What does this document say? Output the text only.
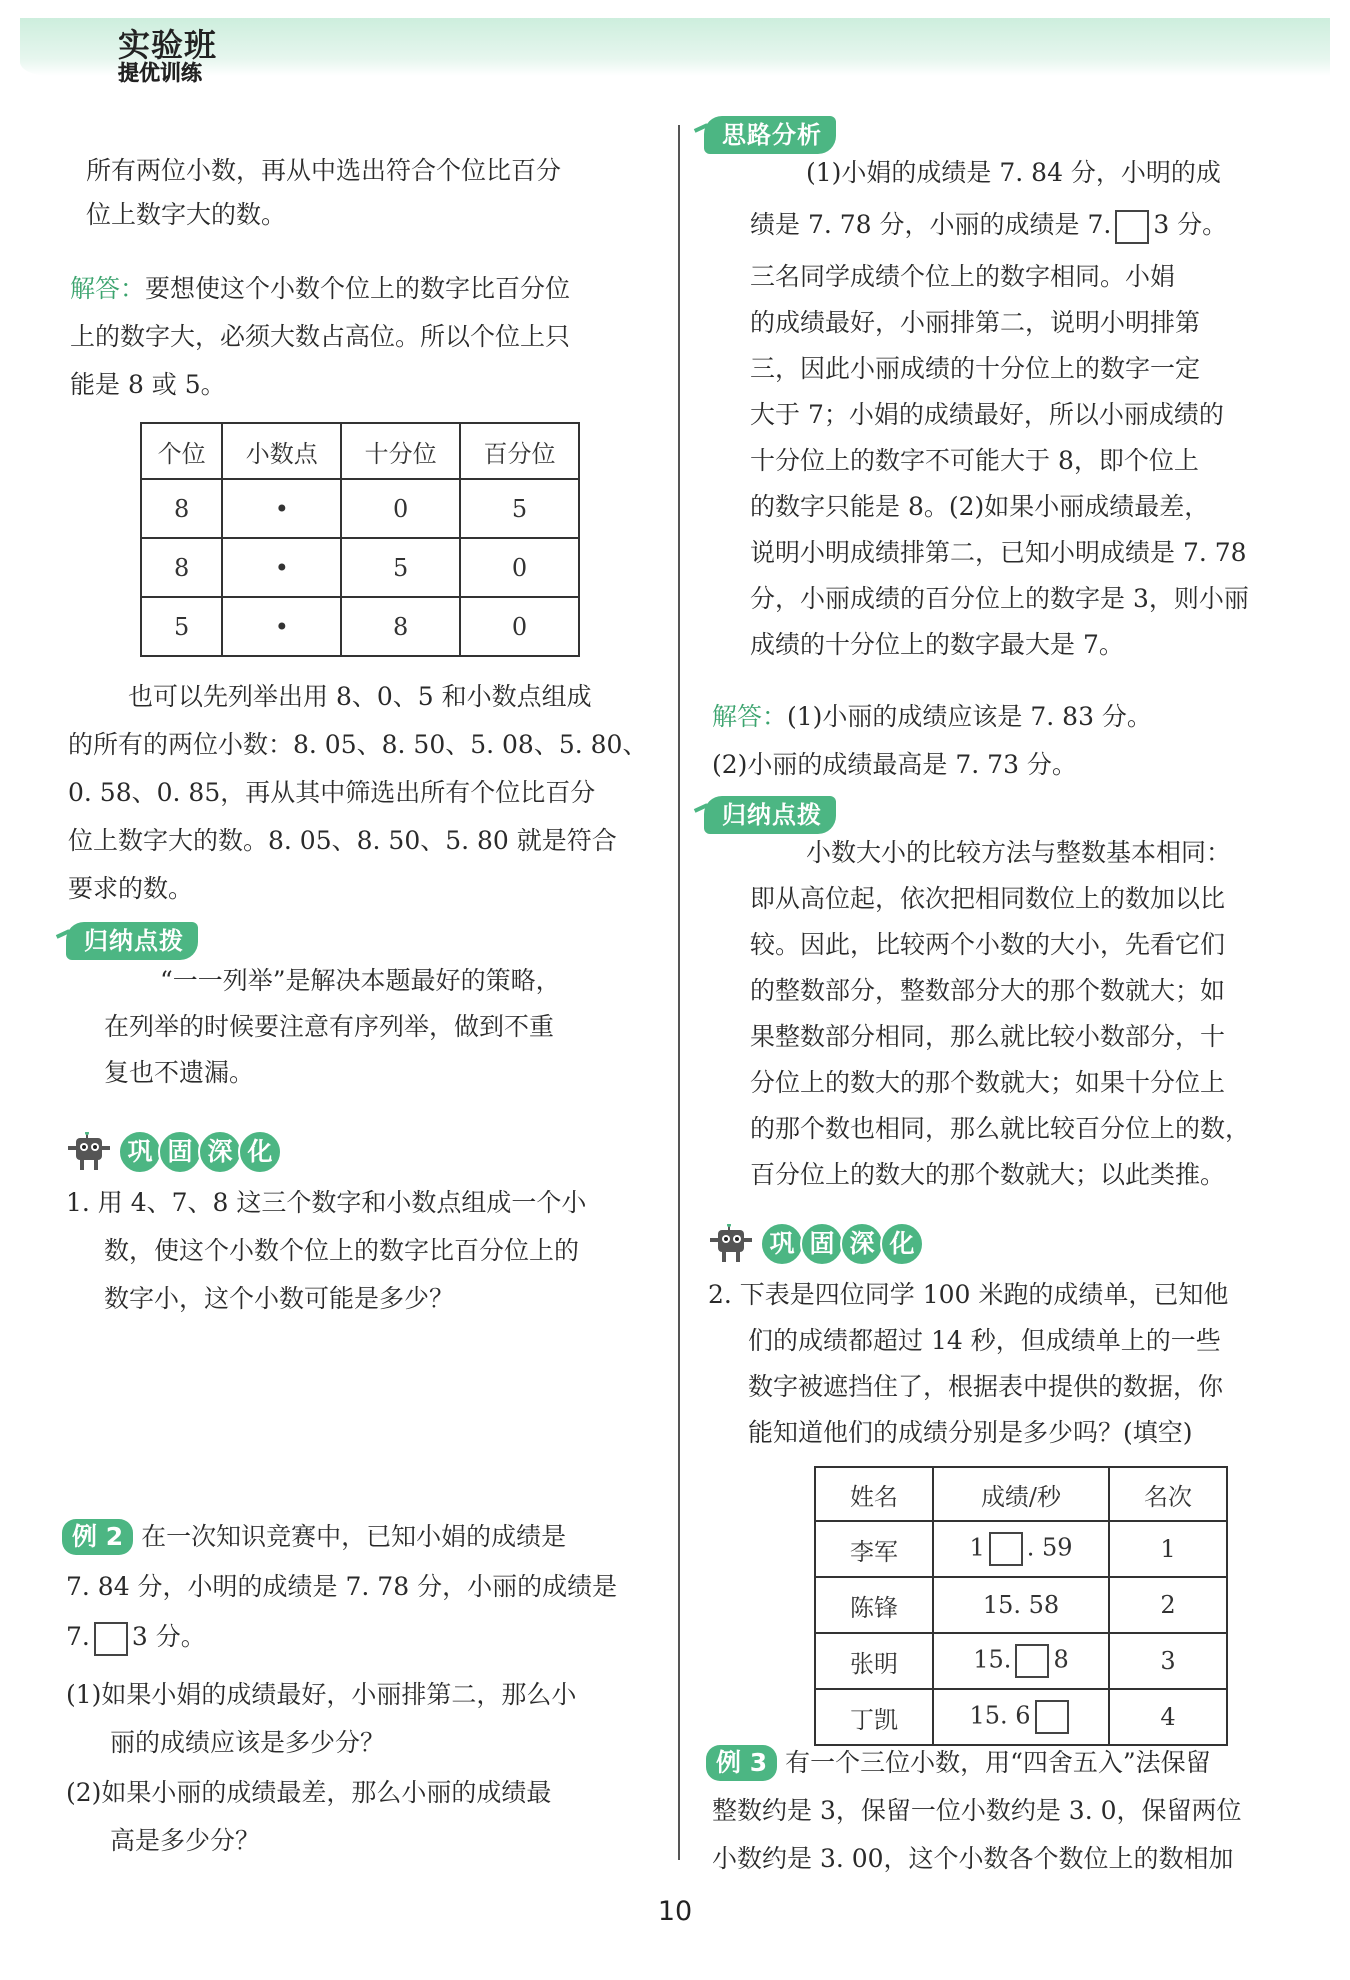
实验班
提优训练

所有两位小数，再从中选出符合个位比百分

位上数字大的数。

解答：要想使这个小数个位上的数字比百分位

上的数字大，必须大数占高位。所以个位上只

能是 8 或 5。

个位	小数点	十分位	百分位
8	•	0	5
8	•	5	0
5	•	8	0

也可以先列举出用 8、0、5 和小数点组成

的所有的两位小数：8. 05、8. 50、5. 08、5. 80、

0. 58、0. 85，再从其中筛选出所有个位比百分

位上数字大的数。8. 05、8. 50、5. 80 就是符合

要求的数。

归纳点拨

“一一列举”是解决本题最好的策略，

在列举的时候要注意有序列举，做到不重

复也不遗漏。

巩 固 深 化

1. 用 4、7、8 这三个数字和小数点组成一个小

数，使这个小数个位上的数字比百分位上的

数字小，这个小数可能是多少？

例 2 在一次知识竞赛中，已知小娟的成绩是

7. 84 分，小明的成绩是 7. 78 分，小丽的成绩是

7. 3 分。

(1)如果小娟的成绩最好，小丽排第二，那么小

丽的成绩应该是多少分？

(2)如果小丽的成绩最差，那么小丽的成绩最

高是多少分？

思路分析

(1)小娟的成绩是 7. 84 分，小明的成

绩是 7. 78 分，小丽的成绩是 7. 3 分。

三名同学成绩个位上的数字相同。小娟

的成绩最好，小丽排第二，说明小明排第

三，因此小丽成绩的十分位上的数字一定

大于 7；小娟的成绩最好，所以小丽成绩的

十分位上的数字不可能大于 8，即个位上

的数字只能是 8。(2)如果小丽成绩最差，

说明小明成绩排第二，已知小明成绩是 7. 78

分，小丽成绩的百分位上的数字是 3，则小丽

成绩的十分位上的数字最大是 7。

解答：(1)小丽的成绩应该是 7. 83 分。

(2)小丽的成绩最高是 7. 73 分。

归纳点拨

小数大小的比较方法与整数基本相同：

即从高位起，依次把相同数位上的数加以比

较。因此，比较两个小数的大小，先看它们

的整数部分，整数部分大的那个数就大；如

果整数部分相同，那么就比较小数部分，十

分位上的数大的那个数就大；如果十分位上

的那个数也相同，那么就比较百分位上的数，

百分位上的数大的那个数就大；以此类推。

巩 固 深 化

2. 下表是四位同学 100 米跑的成绩单，已知他

们的成绩都超过 14 秒，但成绩单上的一些

数字被遮挡住了，根据表中提供的数据，你

能知道他们的成绩分别是多少吗？(填空)

姓名	成绩/秒	名次
李军	1 . 59	1
陈锋	15. 58	2
张明	15. 8	3
丁凯	15. 6	4

例 3 有一个三位小数，用“四舍五入”法保留

整数约是 3，保留一位小数约是 3. 0，保留两位

小数约是 3. 00，这个小数各个数位上的数相加

10
